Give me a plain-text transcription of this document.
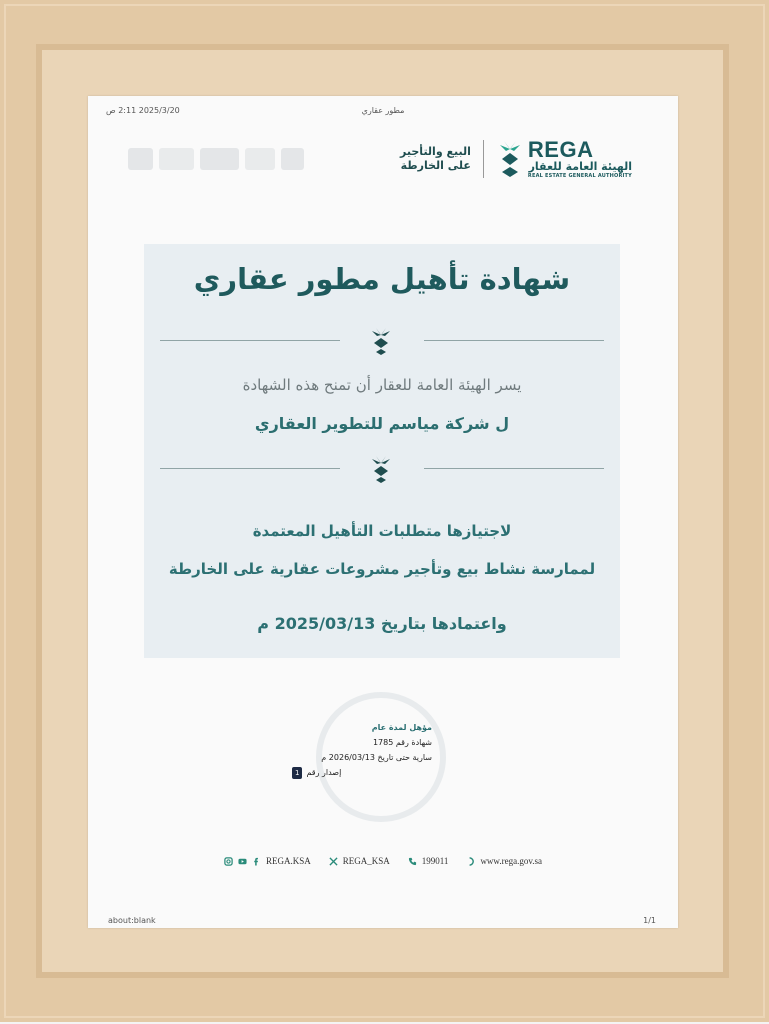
2025/3/20 2:11 ص	مطور عقاري
البيع والتأجير
على الخارطة
REGA
الهيئة العامة للعقار
REAL ESTATE GENERAL AUTHORITY
شهادة تأهيل مطور عقاري
يسر الهيئة العامة للعقار أن تمنح هذه الشهادة
ل شركة مياسم للتطوير العقاري
لاجتيازها متطلبات التأهيل المعتمدة
لممارسة نشاط بيع وتأجير مشروعات عقارية على الخارطة
واعتمادها بتاريخ 2025/03/13 م
مؤهل لمدة عام
شهادة رقم 1785
سارية حتى تاريخ 2026/03/13 م
إصدار رقم
1
REGA.KSA	REGA_KSA	199011	www.rega.gov.sa
about:blank	1/1
